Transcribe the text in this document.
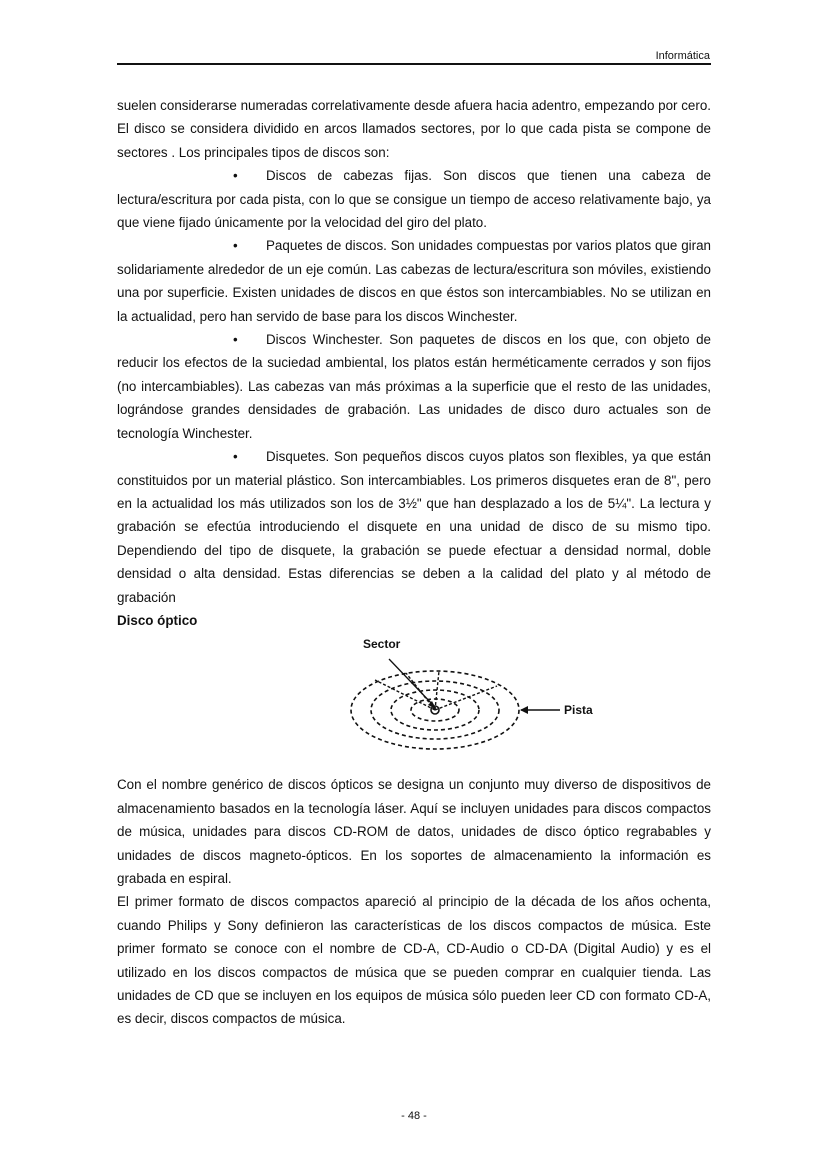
Informática

suelen considerarse numeradas correlativamente desde afuera hacia adentro, empezando por cero. El disco se considera dividido en arcos llamados sectores, por lo que cada pista se compone de sectores . Los principales tipos de discos son:

• Discos de cabezas fijas. Son discos que tienen una cabeza de lectura/escritura por cada pista, con lo que se consigue un tiempo de acceso relativamente bajo, ya que viene fijado únicamente por la velocidad del giro del plato.

• Paquetes de discos. Son unidades compuestas por varios platos que giran solidariamente alrededor de un eje común. Las cabezas de lectura/escritura son móviles, existiendo una por superficie. Existen unidades de discos en que éstos son intercambiables. No se utilizan en la actualidad, pero han servido de base para los discos Winchester.

• Discos Winchester. Son paquetes de discos en los que, con objeto de reducir los efectos de la suciedad ambiental, los platos están herméticamente cerrados y son fijos (no intercambiables). Las cabezas van más próximas a la superficie que el resto de las unidades, lográndose grandes densidades de grabación. Las unidades de disco duro actuales son de tecnología Winchester.

• Disquetes. Son pequeños discos cuyos platos son flexibles, ya que están constituidos por un material plástico. Son intercambiables. Los primeros disquetes eran de 8", pero en la actualidad los más utilizados son los de 3½" que han desplazado a los de 5¼". La lectura y grabación se efectúa introduciendo el disquete en una unidad de disco de su mismo tipo. Dependiendo del tipo de disquete, la grabación se puede efectuar a densidad normal, doble densidad o alta densidad. Estas diferencias se deben a la calidad del plato y al método de grabación

Disco óptico
Sector
Pista

Con el nombre genérico de discos ópticos se designa un conjunto muy diverso de dispositivos de almacenamiento basados en la tecnología láser. Aquí se incluyen unidades para discos compactos de música, unidades para discos CD-ROM de datos, unidades de disco óptico regrabables y unidades de discos magneto-ópticos. En los soportes de almacenamiento la información es grabada en espiral.

El primer formato de discos compactos apareció al principio de la década de los años ochenta, cuando Philips y Sony definieron las características de los discos compactos de música. Este primer formato se conoce con el nombre de CD-A, CD-Audio o CD-DA (Digital Audio) y es el utilizado en los discos compactos de música que se pueden comprar en cualquier tienda. Las unidades de CD que se incluyen en los equipos de música sólo pueden leer CD con formato CD-A, es decir, discos compactos de música.

- 48 -
